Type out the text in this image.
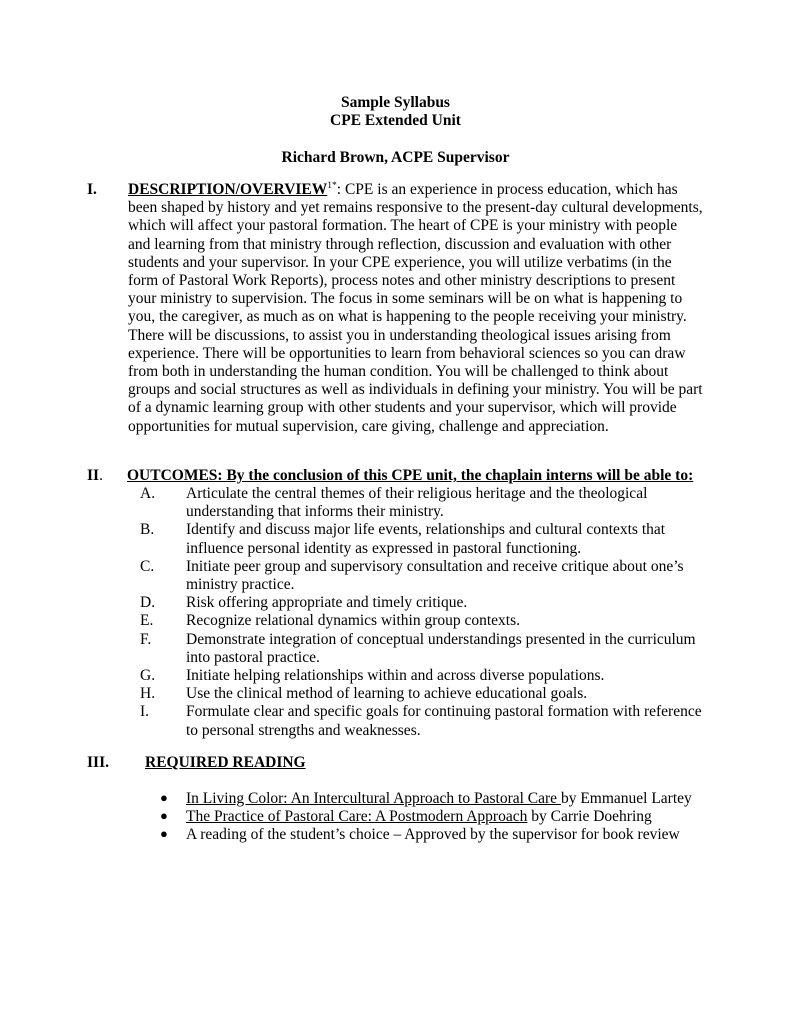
Sample Syllabus
CPE Extended Unit
Richard Brown, ACPE Supervisor
I. DESCRIPTION/$OVERVIEW^{1*}$: CPE is an experience in process education, which has been shaped by history and yet remains responsive to the present-day cultural developments, which will affect your pastoral formation. The heart of CPE is your ministry with people and learning from that ministry through reflection, discussion and evaluation with other students and your supervisor. In your CPE experience, you will utilize verbatims (in the form of Pastoral Work Reports), process notes and other ministry descriptions to present your ministry to supervision. The focus in some seminars will be on what is happening to you, the caregiver, as much as on what is happening to the people receiving your ministry. There will be discussions, to assist you in understanding theological issues arising from experience. There will be opportunities to learn from behavioral sciences so you can draw from both in understanding the human condition. You will be challenged to think about groups and social structures as well as individuals in defining your ministry. You will be part of a dynamic learning group with other students and your supervisor, which will provide opportunities for mutual supervision, care giving, challenge and appreciation.
II. OUTCOMES: By the conclusion of this CPE unit, the chaplain interns will be able to:
A. Articulate the central themes of their religious heritage and the theological understanding that informs their ministry.
B. Identify and discuss major life events, relationships and cultural contexts that influence personal identity as expressed in pastoral functioning.
C. Initiate peer group and supervisory consultation and receive critique about one’s ministry practice.
D. Risk offering appropriate and timely critique.
E. Recognize relational dynamics within group contexts.
F. Demonstrate integration of conceptual understandings presented in the curriculum into pastoral practice.
G. Initiate helping relationships within and across diverse populations.
H. Use the clinical method of learning to achieve educational goals.
I. Formulate clear and specific goals for continuing pastoral formation with reference to personal strengths and weaknesses.
III. REQUIRED READING
● In Living Color: An Intercultural Approach to Pastoral Care by Emmanuel Lartey
● The Practice of Pastoral Care: A Postmodern Approach by Carrie Doehring
● A reading of the student’s choice – Approved by the supervisor for book review
